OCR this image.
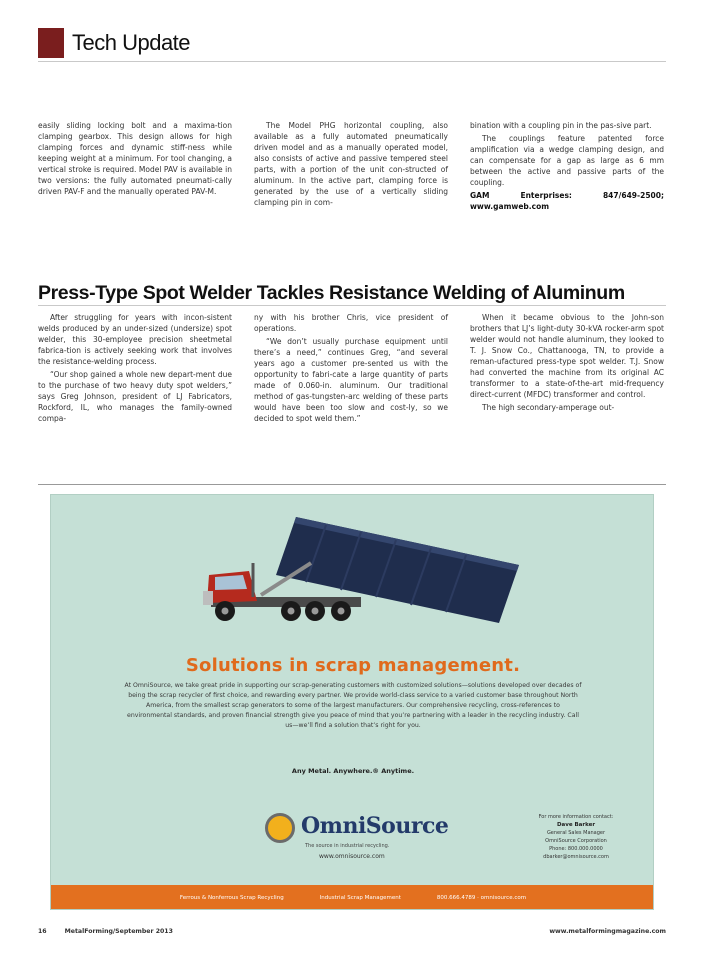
Tech Update

easily sliding locking bolt and a maxima-tion clamping gearbox. This design allows for high clamping forces and dynamic stiff-ness while keeping weight at a minimum. For tool changing, a vertical stroke is required. Model PAV is available in two versions: the fully automated pneumati-cally driven PAV-F and the manually operated PAV-M.

The Model PHG horizontal coupling, also available as a fully automated pneumatically driven model and as a manually operated model, also consists of active and passive tempered steel parts, with a portion of the unit con-structed of aluminum. In the active part, clamping force is generated by the use of a vertically sliding clamping pin in com-

bination with a coupling pin in the pas-sive part.

The couplings feature patented force amplification via a wedge clamping design, and can compensate for a gap as large as 6 mm between the active and passive parts of the coupling.

GAM Enterprises: 847/649-2500; www.gamweb.com

Press-Type Spot Welder Tackles Resistance Welding of Aluminum

After struggling for years with incon-sistent welds produced by an under-sized (undersize) spot welder, this 30-employee precision sheetmetal fabrica-tion is actively seeking work that involves the resistance-welding process.

“Our shop gained a whole new depart-ment due to the purchase of two heavy duty spot welders,” says Greg Johnson, president of LJ Fabricators, Rockford, IL, who manages the family-owned compa-

ny with his brother Chris, vice president of operations.

“We don’t usually purchase equipment until there’s a need,” continues Greg, “and several years ago a customer pre-sented us with the opportunity to fabri-cate a large quantity of parts made of 0.060-in. aluminum. Our traditional method of gas-tungsten-arc welding of these parts would have been too slow and cost-ly, so we decided to spot weld them.”

When it became obvious to the John-son brothers that LJ’s light-duty 30-kVA rocker-arm spot welder would not handle aluminum, they looked to T. J. Snow Co., Chattanooga, TN, to provide a reman-ufactured press-type spot welder. T.J. Snow had converted the machine from its original AC transformer to a state-of-the-art mid-frequency direct-current (MFDC) transformer and control.

The high secondary-amperage out-

Solutions in scrap management.
At OmniSource, we take great pride in supporting our scrap-generating customers with customized solutions—solutions developed over decades of being the scrap recycler of first choice, and rewarding every partner. We provide world-class service to a varied customer base throughout North America, from the smallest scrap generators to some of the largest manufacturers. Our comprehensive recycling, cross-references to environmental standards, and proven financial strength give you peace of mind that you’re partnering with a leader in the recycling industry. Call us—we’ll find a solution that’s right for you.
Any Metal. Anywhere.® Anytime.
OmniSource
The source in industrial recycling.
www.omnisource.com
For more information contact:
Dave Barker
General Sales Manager
OmniSource Corporation
Phone: 800.000.0000
dbarker@omnisource.com
Ferrous & Nonferrous Scrap Recycling	Industrial Scrap Management	800.666.4789 · omnisource.com
16	MetalForming/September 2013	www.metalformingmagazine.com
